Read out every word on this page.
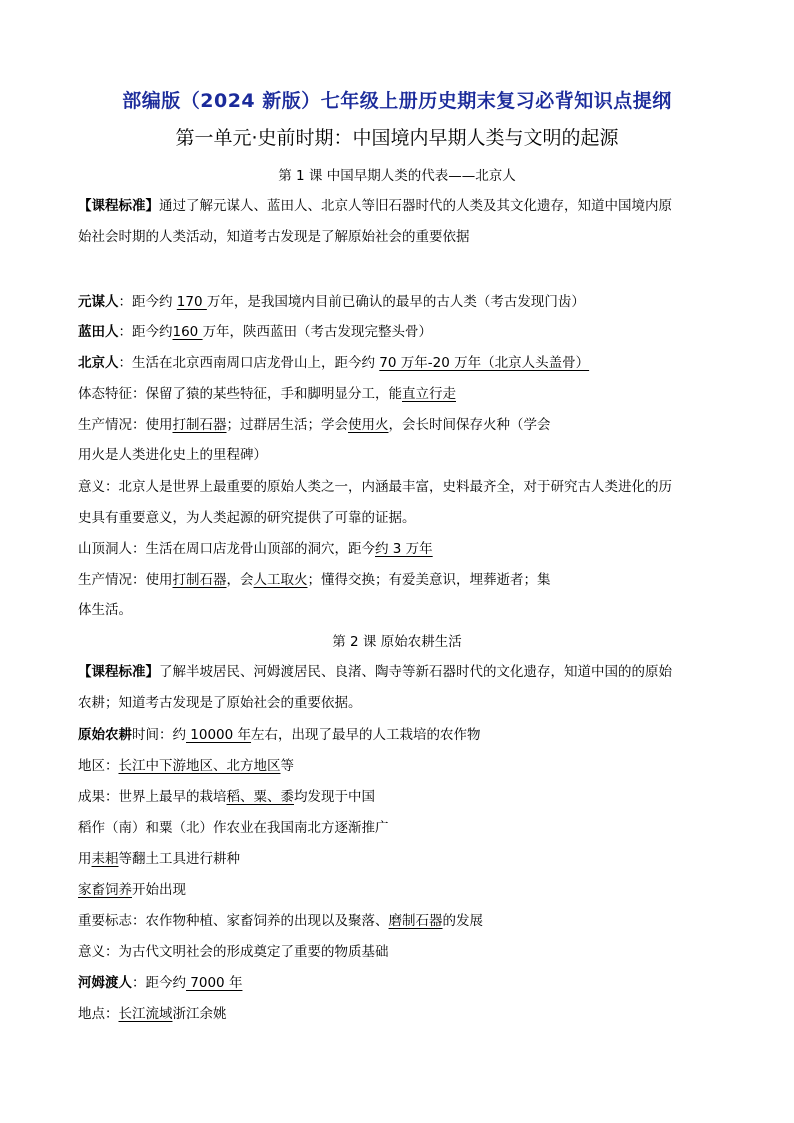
部编版（2024 新版）七年级上册历史期末复习必背知识点提纲
第一单元·史前时期：中国境内早期人类与文明的起源
第 1 课 中国早期人类的代表——北京人
【课程标准】通过了解元谋人、蓝田人、北京人等旧石器时代的人类及其文化遗存，知道中国境内原
始社会时期的人类活动，知道考古发现是了解原始社会的重要依据
元谋人：距今约 170 万年，是我国境内目前已确认的最早的古人类（考古发现门齿）
蓝田人：距今约160 万年，陕西蓝田（考古发现完整头骨）
北京人：生活在北京西南周口店龙骨山上，距今约 70 万年-20 万年（北京人头盖骨）
体态特征：保留了猿的某些特征，手和脚明显分工，能直立行走
生产情况：使用打制石器；过群居生活；学会使用火，会长时间保存火种（学会
用火是人类进化史上的里程碑）
意义：北京人是世界上最重要的原始人类之一，内涵最丰富，史料最齐全，对于研究古人类进化的历
史具有重要意义，为人类起源的研究提供了可靠的证据。
山顶洞人：生活在周口店龙骨山顶部的洞穴，距今约 3 万年
生产情况：使用打制石器，会人工取火；懂得交换；有爱美意识，埋葬逝者；集
体生活。
第 2 课 原始农耕生活
【课程标准】了解半坡居民、河姆渡居民、良渚、陶寺等新石器时代的文化遗存，知道中国的的原始
农耕；知道考古发现是了原始社会的重要依据。
原始农耕时间：约 10000 年左右，出现了最早的人工栽培的农作物
地区：长江中下游地区、北方地区等
成果：世界上最早的栽培稻、粟、黍均发现于中国
稻作（南）和粟（北）作农业在我国南北方逐渐推广
用耒耜等翻土工具进行耕种
家畜饲养开始出现
重要标志：农作物种植、家畜饲养的出现以及聚落、磨制石器的发展
意义：为古代文明社会的形成奠定了重要的物质基础
河姆渡人：距今约 7000 年
地点：长江流域浙江余姚
